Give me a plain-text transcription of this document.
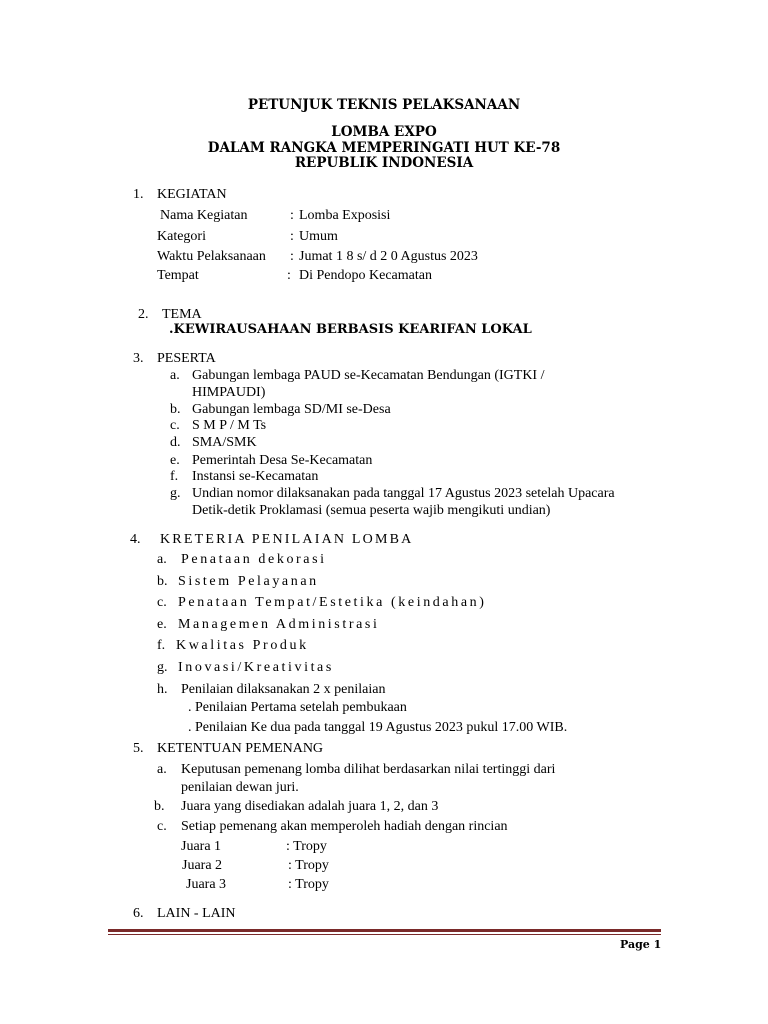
PETUNJUK TEKNIS PELAKSANAAN
LOMBA EXPO
DALAM RANGKA MEMPERINGATI HUT KE-78
REPUBLIK INDONESIA
1. KEGIATAN
Nama Kegiatan	: Lomba Exposisi
Kategori	: Umum
Waktu Pelaksanaan : Jumat 1 8 s/ d 2 0 Agustus 2023
Tempat	: Di Pendopo Kecamatan
2. TEMA
.KEWIRAUSAHAAN BERBASIS KEARIFAN LOKAL
3. PESERTA
a. Gabungan lembaga PAUD se-Kecamatan Bendungan (IGTKI /
HIMPAUDI)
b. Gabungan lembaga SD/MI se-Desa
c. S M P / M Ts
d. SMA/SMK
e. Pemerintah Desa Se-Kecamatan
f. Instansi se-Kecamatan
g. Undian nomor dilaksanakan pada tanggal 17 Agustus 2023 setelah Upacara
Detik-detik Proklamasi (semua peserta wajib mengikuti undian)
4. KRETERIA PENILAIAN LOMBA
a. Penataan dekorasi
b. Sistem Pelayanan
c. Penataan Tempat/Estetika (keindahan)
e. Managemen Administrasi
f. Kwalitas Produk
g. Inovasi/Kreativitas
h. Penilaian dilaksanakan 2 x penilaian
. Penilaian Pertama setelah pembukaan
. Penilaian Ke dua pada tanggal 19 Agustus 2023 pukul 17.00 WIB.
5. KETENTUAN PEMENANG
a. Keputusan pemenang lomba dilihat berdasarkan nilai tertinggi dari
penilaian dewan juri.
b. Juara yang disediakan adalah juara 1, 2, dan 3
c. Setiap pemenang akan memperoleh hadiah dengan rincian
Juara 1	: Tropy
Juara 2	: Tropy
Juara 3	: Tropy
6. LAIN - LAIN
Page 1
